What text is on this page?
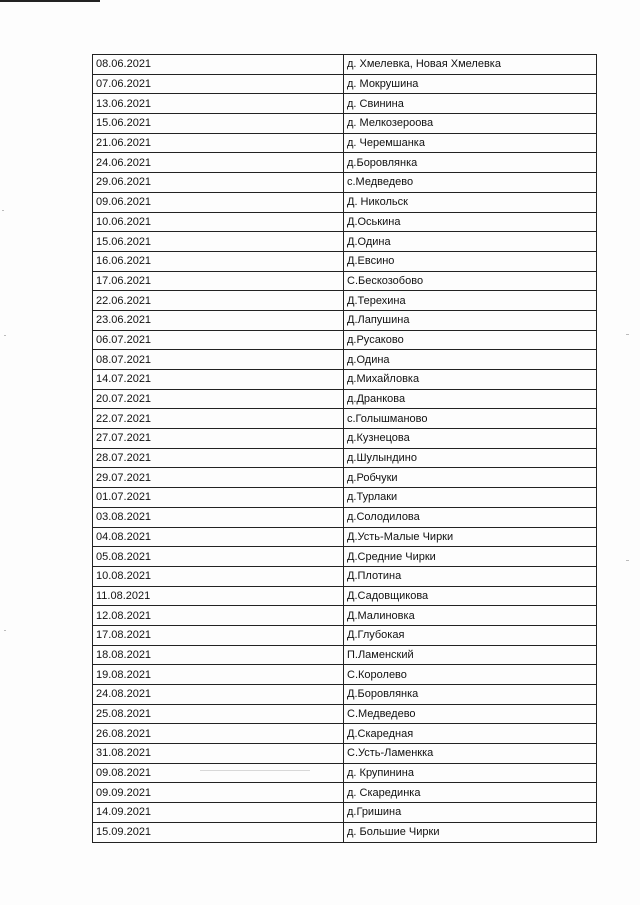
08.06.2021	д. Хмелевка, Новая Хмелевка
07.06.2021	д. Мокрушина
13.06.2021	д. Свинина
15.06.2021	д. Мелкозероова
21.06.2021	д. Черемшанка
24.06.2021	д.Боровлянка
29.06.2021	с.Медведево
09.06.2021	Д. Никольск
10.06.2021	Д.Оськина
15.06.2021	Д.Одина
16.06.2021	Д.Евсино
17.06.2021	С.Бескозобово
22.06.2021	Д.Терехина
23.06.2021	Д.Лапушина
06.07.2021	д.Русаково
08.07.2021	д.Одина
14.07.2021	д.Михайловка
20.07.2021	д.Дранкова
22.07.2021	с.Голышманово
27.07.2021	д.Кузнецова
28.07.2021	д.Шулындино
29.07.2021	д.Робчуки
01.07.2021	д.Турлаки
03.08.2021	д.Солодилова
04.08.2021	Д.Усть-Малые Чирки
05.08.2021	Д.Средние Чирки
10.08.2021	Д.Плотина
11.08.2021	Д.Садовщикова
12.08.2021	Д.Малиновка
17.08.2021	Д.Глубокая
18.08.2021	П.Ламенский
19.08.2021	С.Королево
24.08.2021	Д.Боровлянка
25.08.2021	С.Медведево
26.08.2021	Д.Скаредная
31.08.2021	С.Усть-Ламенкка
09.08.2021	д. Крупинина
09.09.2021	д. Скарединка
14.09.2021	д.Гришина
15.09.2021	д. Большие Чирки
